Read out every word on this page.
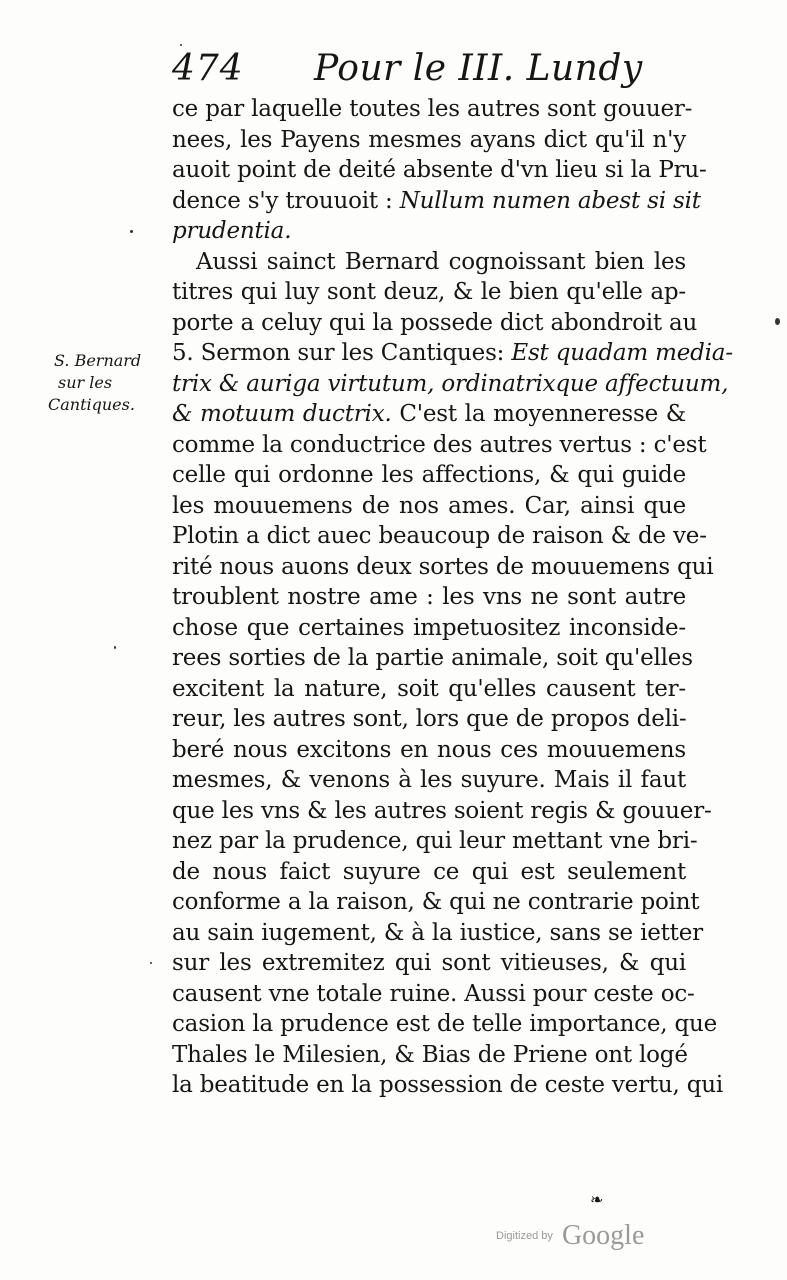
474 Pour le III. Lundy
S. Bernard
sur les
Cantiques.
ce par laquelle toutes les autres sont gouuer-
nees, les Payens mesmes ayans dict qu'il n'y
auoit point de deité absente d'vn lieu si la Pru-
dence s'y trouuoit : Nullum numen abest si sit
prudentia.
Aussi sainct Bernard cognoissant bien les
titres qui luy sont deuz, & le bien qu'elle ap-
porte a celuy qui la possede dict abondroit au
5. Sermon sur les Cantiques: Est quadam media-
trix & auriga virtutum, ordinatrixque affectuum,
& motuum ductrix. C'est la moyenneresse &
comme la conductrice des autres vertus : c'est
celle qui ordonne les affections, & qui guide
les mouuemens de nos ames. Car, ainsi que
Plotin a dict auec beaucoup de raison & de ve-
rité nous auons deux sortes de mouuemens qui
troublent nostre ame : les vns ne sont autre
chose que certaines impetuositez inconside-
rees sorties de la partie animale, soit qu'elles
excitent la nature, soit qu'elles causent ter-
reur, les autres sont, lors que de propos deli-
beré nous excitons en nous ces mouuemens
mesmes, & venons à les suyure. Mais il faut
que les vns & les autres soient regis & gouuer-
nez par la prudence, qui leur mettant vne bri-
de nous faict suyure ce qui est seulement
conforme a la raison, & qui ne contrarie point
au sain iugement, & à la iustice, sans se ietter
sur les extremitez qui sont vitieuses, & qui
causent vne totale ruine. Aussi pour ceste oc-
casion la prudence est de telle importance, que
Thales le Milesien, & Bias de Priene ont logé
la beatitude en la possession de ceste vertu, qui
❧
Digitized by Google
